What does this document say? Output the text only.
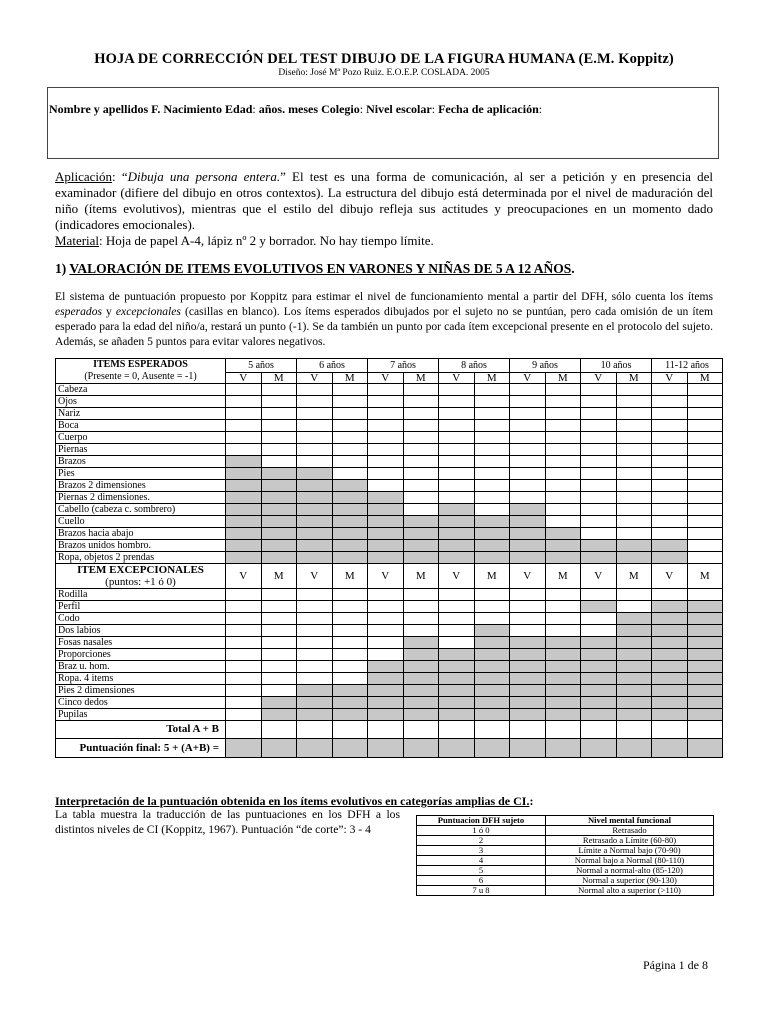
HOJA DE CORRECCIÓN DEL TEST DIBUJO DE LA FIGURA HUMANA (E.M. Koppitz)
Diseño: José Mª Pozo Ruiz. E.O.E.P. COSLADA. 2005
Nombre y apellidos F. Nacimiento Edad: años. meses Colegio: Nivel escolar: Fecha de aplicación:
Aplicación: “Dibuja una persona entera.” El test es una forma de comunicación, al ser a petición y en presencia del examinador (difiere del dibujo en otros contextos). La estructura del dibujo está determinada por el nivel de maduración del niño (ítems evolutivos), mientras que el estilo del dibujo refleja sus actitudes y preocupaciones en un momento dado (indicadores emocionales).
Material: Hoja de papel A-4, lápiz nº 2 y borrador. No hay tiempo límite.
1) VALORACIÓN DE ITEMS EVOLUTIVOS EN VARONES Y NIÑAS DE 5 A 12 AÑOS.
El sistema de puntuación propuesto por Koppitz para estimar el nivel de funcionamiento mental a partir del DFH, sólo cuenta los ítems esperados y excepcionales (casillas en blanco). Los ítems esperados dibujados por el sujeto no se puntúan, pero cada omisión de un ítem esperado para la edad del niño/a, restará un punto (-1). Se da también un punto por cada ítem excepcional presente en el protocolo del sujeto. Además, se añaden 5 puntos para evitar valores negativos.
ITEMS ESPERADOS
(Presente = 0, Ausente = -1)	5 años		6 años		7 años		8 años		9 años		10 años		11-12 años	
	V	M	V	M	V	M	V	M	V	M	V	M	V	M
Cabeza														
Ojos														
Nariz														
Boca														
Cuerpo														
Piernas														
Brazos														
Pies														
Brazos 2 dimensiones														
Piernas 2 dimensiones.														
Cabello (cabeza c. sombrero)														
Cuello														
Brazos hacia abajo														
Brazos unidos hombro.														
Ropa, objetos 2 prendas														
ITEM EXCEPCIONALES
(puntos: +1 ó 0)	V	M	V	M	V	M	V	M	V	M	V	M	V	M
Rodilla														
Perfil														
Codo														
Dos labios														
Fosas nasales														
Proporciones														
Braz u. hom.														
Ropa. 4 items														
Pies 2 dimensiones														
Cinco dedos														
Pupilas														
Total A + B														
Puntuación final: 5 + (A+B) =														
Interpretación de la puntuación obtenida en los ítems evolutivos en categorías amplias de CI.:
La tabla muestra la traducción de las puntuaciones en los DFH a los distintos niveles de CI (Koppitz, 1967). Puntuación “de corte”: 3 - 4
Puntuacion DFH sujeto	Nivel mental funcional
1 ó 0	Retrasado
2	Retrasado a Límite (60-80)
3	Límite a Normal bajo (70-90)
4	Normal bajo a Normal (80-110)
5	Normal a normal-alto (85-120)
6	Normal a superior (90-130)
7 u 8	Normal alto a superior (>110)
Página 1 de 8
